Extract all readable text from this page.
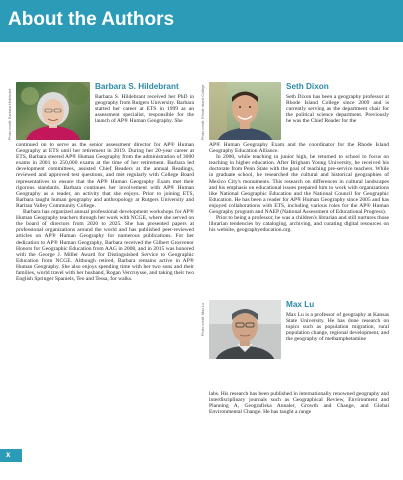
About the Authors
Photo credit: Barbara Hildebrant
Barbara S. Hildebrant

Barbara S. Hildebrant received her PhD in geography from Rutgers University. Barbara started her career at ETS in 1999 as an assessment specialist, responsible for the launch of AP® Human Geography. She

continued on to serve as the senior assessment director for AP® Human Geography at ETS until her retirement in 2019. During her 20-year career at ETS, Barbara steered AP® Human Geography from the administration of 3000 exams in 2001 to 250,000 exams at the time of her retirement. Barbara led development committees, assisted Chief Readers at the annual Readings, reviewed and approved test questions, and met regularly with College Board representatives to ensure that the AP® Human Geography Exam met their rigorous standards. Barbara continues her involvement with AP® Human Geography as a reader, an activity that she enjoys. Prior to joining ETS, Barbara taught human geography and anthropology at Rutgers University and Raritan Valley Community College.

Barbara has organized annual professional development workshops for AP® Human Geography teachers through her work with NCGE, where she served on the board of directors from 2020 to 2025. She has presented papers at professional organizations around the world and has published peer-reviewed articles on AP® Human Geography for numerous publications. For her dedication to AP® Human Geography, Barbara received the Gilbert Grosvenor Honors for Geographic Education from AAG in 2008, and in 2015 was honored with the George J. Miller Award for Distinguished Service to Geographic Education from NCGE. Although retired, Barbara remains active in AP® Human Geography. She also enjoys spending time with her two sons and their families, world travel with her husband, Rogan Vercruysse, and taking their two English Springer Spaniels, Teo and Tessa, for walks.

Photo credit: Rhode Island College	Seth Dixon

Seth Dixon has been a geography professor at Rhode Island College since 2009 and is currently serving as the department chair for the political science department. Previously he was the Chief Reader for the

AP® Human Geography Exam and the coordinator for the Rhode Island Geography Education Alliance.

In 2000, while teaching in junior high, he returned to school to focus on teaching in higher education. After Brigham Young University, he received his doctorate from Penn State with the goal of teaching pre-service teachers. While in graduate school, he researched the cultural and historical geographies of Mexico City's monuments. This research on differences in cultural landscapes and his emphasis on educational issues prepared him to work with organizations like National Geographic Education and the National Council for Geographic Education. He has been a reader for AP® Human Geography since 2005 and has enjoyed collaborations with ETS, including various roles for the AP® Human Geography program and NAEP (National Assessment of Educational Progress).

Prior to being a professor, he was a children's librarian and still nurtures those librarian tendencies by cataloging, archiving, and curating digital resources on his website, geographyeducation.org.

Photo credit: Max Lu	Max Lu

Max Lu is a professor of geography at Kansas State University. He has done research on topics such as population migration, rural population change, regional development, and the geography of methamphetamine

labs. His research has been published in internationally renowned geography and interdisciplinary journals such as Geographical Review, Environment and Planning A, Geografiska Annaler, Growth and Change, and Global Environmental Change. He has taught a range

x
